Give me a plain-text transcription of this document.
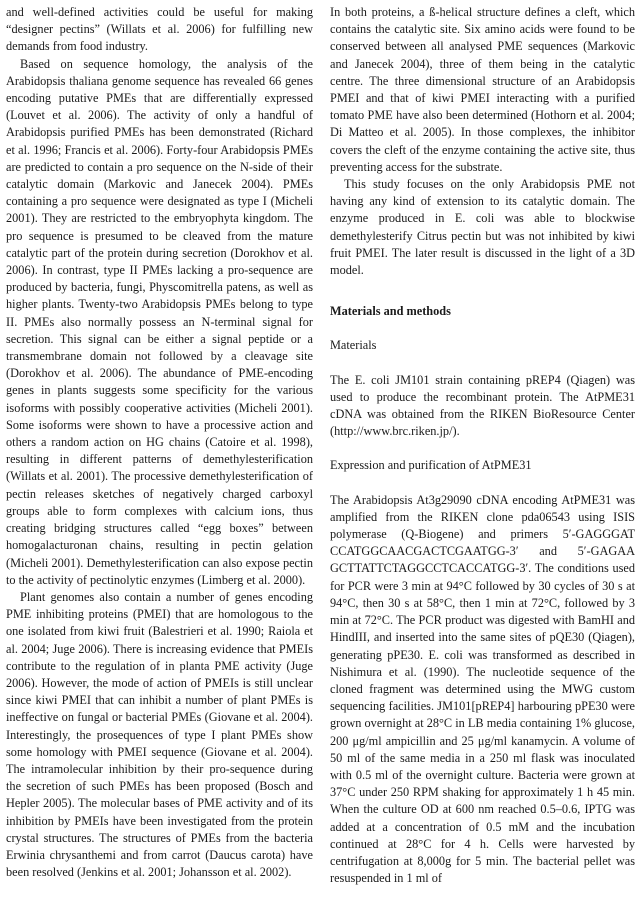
and well-defined activities could be useful for making “designer pectins” (Willats et al. 2006) for fulfilling new demands from food industry.

Based on sequence homology, the analysis of the Arabidopsis thaliana genome sequence has revealed 66 genes encoding putative PMEs that are differentially expressed (Louvet et al. 2006). The activity of only a handful of Arabidopsis purified PMEs has been demonstrated (Richard et al. 1996; Francis et al. 2006). Forty-four Arabidopsis PMEs are predicted to contain a pro sequence on the N-side of their catalytic domain (Markovic and Janecek 2004). PMEs containing a pro sequence were designated as type I (Micheli 2001). They are restricted to the embryophyta kingdom. The pro sequence is presumed to be cleaved from the mature catalytic part of the protein during secretion (Dorokhov et al. 2006). In contrast, type II PMEs lacking a pro-sequence are produced by bacteria, fungi, Physcomitrella patens, as well as higher plants. Twenty-two Arabidopsis PMEs belong to type II. PMEs also normally possess an N-terminal signal for secretion. This signal can be either a signal peptide or a transmembrane domain not followed by a cleavage site (Dorokhov et al. 2006). The abundance of PME-encoding genes in plants suggests some specificity for the various isoforms with possibly cooperative activities (Micheli 2001). Some isoforms were shown to have a processive action and others a random action on HG chains (Catoire et al. 1998), resulting in different patterns of demethylesterification (Willats et al. 2001). The processive demethylesterification of pectin releases sketches of negatively charged carboxyl groups able to form complexes with calcium ions, thus creating bridging structures called “egg boxes” between homogalacturonan chains, resulting in pectin gelation (Micheli 2001). Demethylesterification can also expose pectin to the activity of pectinolytic enzymes (Limberg et al. 2000).

Plant genomes also contain a number of genes encoding PME inhibiting proteins (PMEI) that are homologous to the one isolated from kiwi fruit (Balestrieri et al. 1990; Raiola et al. 2004; Juge 2006). There is increasing evidence that PMEIs contribute to the regulation of in planta PME activity (Juge 2006). However, the mode of action of PMEIs is still unclear since kiwi PMEI that can inhibit a number of plant PMEs is ineffective on fungal or bacterial PMEs (Giovane et al. 2004). Interestingly, the prosequences of type I plant PMEs show some homology with PMEI sequence (Giovane et al. 2004). The intramolecular inhibition by their pro-sequence during the secretion of such PMEs has been proposed (Bosch and Hepler 2005). The molecular bases of PME activity and of its inhibition by PMEIs have been investigated from the protein crystal structures. The structures of PMEs from the bacteria Erwinia chrysanthemi and from carrot (Daucus carota) have been resolved (Jenkins et al. 2001; Johansson et al. 2002).

In both proteins, a ß-helical structure defines a cleft, which contains the catalytic site. Six amino acids were found to be conserved between all analysed PME sequences (Markovic and Janecek 2004), three of them being in the catalytic centre. The three dimensional structure of an Arabidopsis PMEI and that of kiwi PMEI interacting with a purified tomato PME have also been determined (Hothorn et al. 2004; Di Matteo et al. 2005). In those complexes, the inhibitor covers the cleft of the enzyme containing the active site, thus preventing access for the substrate.

This study focuses on the only Arabidopsis PME not having any kind of extension to its catalytic domain. The enzyme produced in E. coli was able to blockwise demethylesterify Citrus pectin but was not inhibited by kiwi fruit PMEI. The later result is discussed in the light of a 3D model.

Materials and methods
Materials

The E. coli JM101 strain containing pREP4 (Qiagen) was used to produce the recombinant protein. The AtPME31 cDNA was obtained from the RIKEN BioResource Center (http://www.brc.riken.jp/).

Expression and purification of AtPME31

The Arabidopsis At3g29090 cDNA encoding AtPME31 was amplified from the RIKEN clone pda06543 using ISIS polymerase (Q-Biogene) and primers 5′-GAGGGAT CCATGGCAACGACTCGAATGG-3′ and 5′-GAGAA GCTTATTCTAGGCCTCACCATGG-3′. The conditions used for PCR were 3 min at 94°C followed by 30 cycles of 30 s at 94°C, then 30 s at 58°C, then 1 min at 72°C, followed by 3 min at 72°C. The PCR product was digested with BamHI and HindIII, and inserted into the same sites of pQE30 (Qiagen), generating pPE30. E. coli was transformed as described in Nishimura et al. (1990). The nucleotide sequence of the cloned fragment was determined using the MWG custom sequencing facilities. JM101[pREP4] harbouring pPE30 were grown overnight at 28°C in LB media containing 1% glucose, 200 μg/ml ampicillin and 25 μg/ml kanamycin. A volume of 50 ml of the same media in a 250 ml flask was inoculated with 0.5 ml of the overnight culture. Bacteria were grown at 37°C under 250 RPM shaking for approximately 1 h 45 min. When the culture OD at 600 nm reached 0.5–0.6, IPTG was added at a concentration of 0.5 mM and the incubation continued at 28°C for 4 h. Cells were harvested by centrifugation at 8,000g for 5 min. The bacterial pellet was resuspended in 1 ml of
